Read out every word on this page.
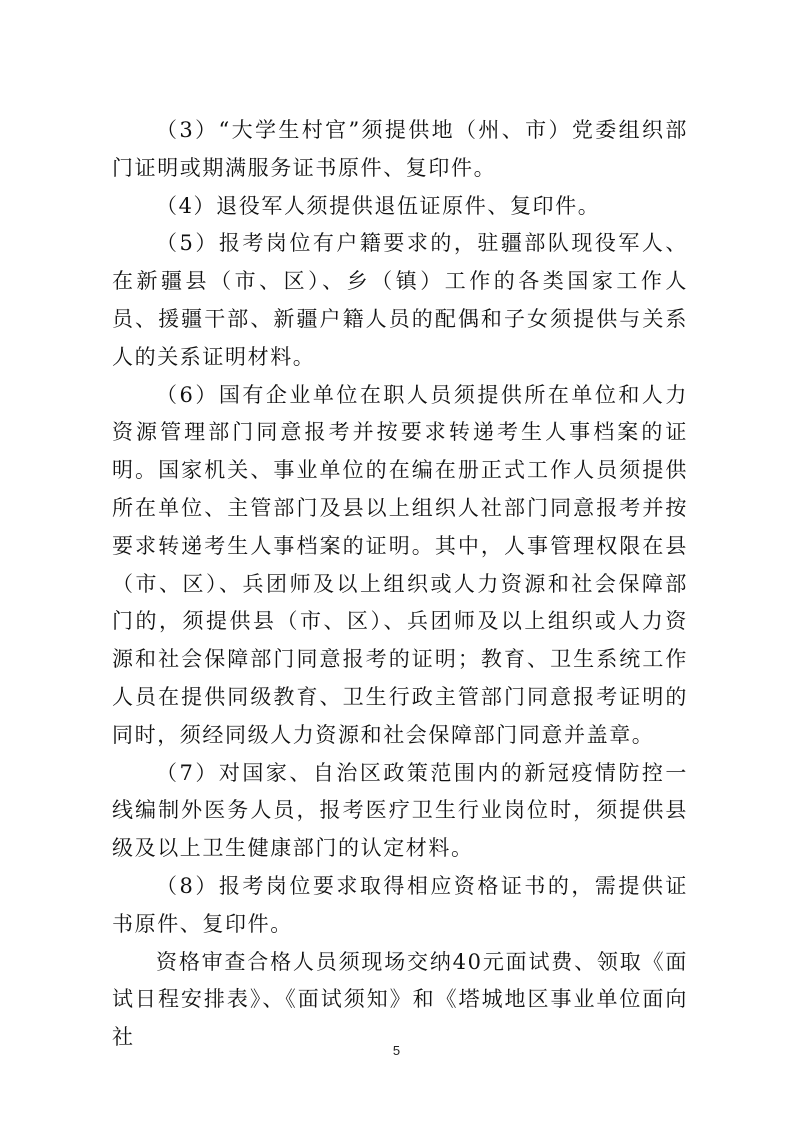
（3）“大学生村官”须提供地（州、市）党委组织部门证明或期满服务证书原件、复印件。

（4）退役军人须提供退伍证原件、复印件。

（5）报考岗位有户籍要求的，驻疆部队现役军人、在新疆县（市、区）、乡（镇）工作的各类国家工作人员、援疆干部、新疆户籍人员的配偶和子女须提供与关系人的关系证明材料。

（6）国有企业单位在职人员须提供所在单位和人力资源管理部门同意报考并按要求转递考生人事档案的证明。国家机关、事业单位的在编在册正式工作人员须提供所在单位、主管部门及县以上组织人社部门同意报考并按要求转递考生人事档案的证明。其中，人事管理权限在县（市、区）、兵团师及以上组织或人力资源和社会保障部门的，须提供县（市、区）、兵团师及以上组织或人力资源和社会保障部门同意报考的证明；教育、卫生系统工作人员在提供同级教育、卫生行政主管部门同意报考证明的同时，须经同级人力资源和社会保障部门同意并盖章。

（7）对国家、自治区政策范围内的新冠疫情防控一线编制外医务人员，报考医疗卫生行业岗位时，须提供县级及以上卫生健康部门的认定材料。

（8）报考岗位要求取得相应资格证书的，需提供证书原件、复印件。

资格审查合格人员须现场交纳40元面试费、领取《面试日程安排表》、《面试须知》和《塔城地区事业单位面向社

5
